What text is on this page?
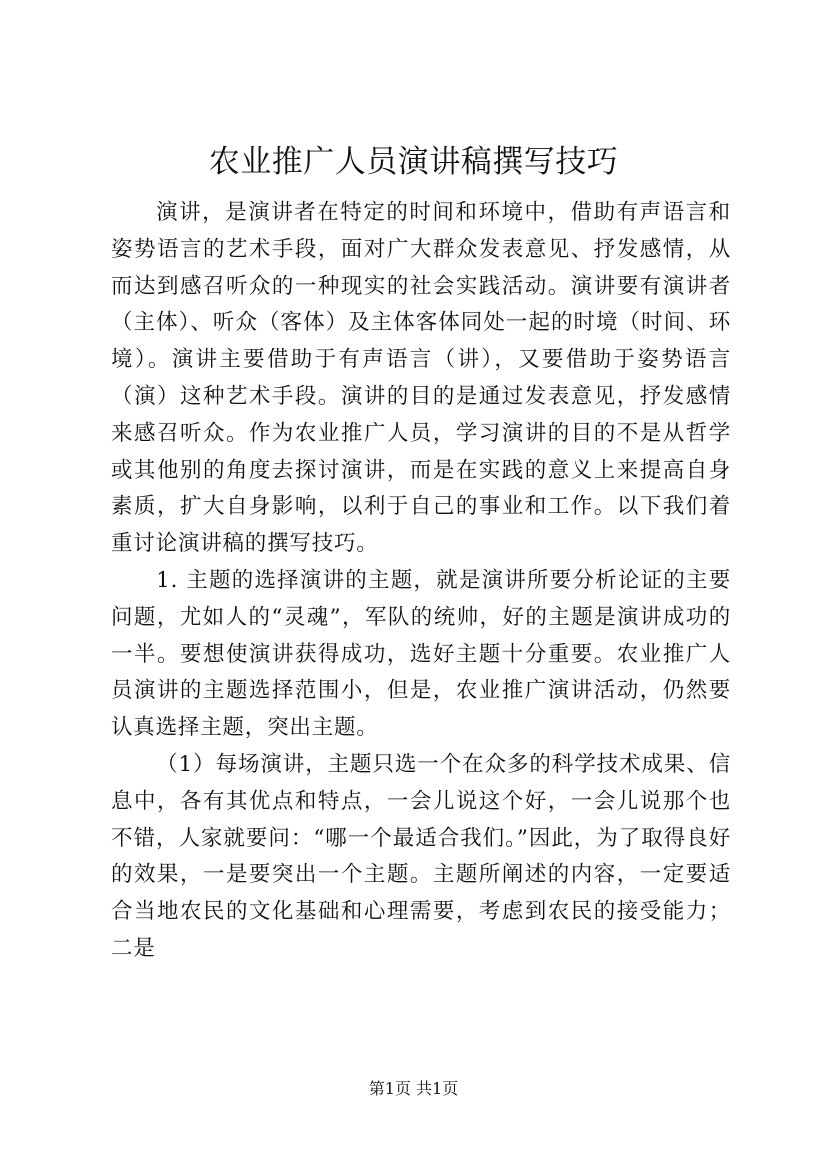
农业推广人员演讲稿撰写技巧

演讲，是演讲者在特定的时间和环境中，借助有声语言和姿势语言的艺术手段，面对广大群众发表意见、抒发感情，从而达到感召听众的一种现实的社会实践活动。演讲要有演讲者（主体）、听众（客体）及主体客体同处一起的时境（时间、环境）。演讲主要借助于有声语言（讲），又要借助于姿势语言（演）这种艺术手段。演讲的目的是通过发表意见，抒发感情来感召听众。作为农业推广人员，学习演讲的目的不是从哲学或其他别的角度去探讨演讲，而是在实践的意义上来提高自身素质，扩大自身影响，以利于自己的事业和工作。以下我们着重讨论演讲稿的撰写技巧。

1. 主题的选择演讲的主题，就是演讲所要分析论证的主要问题，尤如人的“灵魂”，军队的统帅，好的主题是演讲成功的一半。要想使演讲获得成功，选好主题十分重要。农业推广人员演讲的主题选择范围小，但是，农业推广演讲活动，仍然要认真选择主题，突出主题。

（1）每场演讲，主题只选一个在众多的科学技术成果、信息中，各有其优点和特点，一会儿说这个好，一会儿说那个也不错，人家就要问：“哪一个最适合我们。”因此，为了取得良好的效果，一是要突出一个主题。主题所阐述的内容，一定要适合当地农民的文化基础和心理需要，考虑到农民的接受能力；二是

第1页 共1页
